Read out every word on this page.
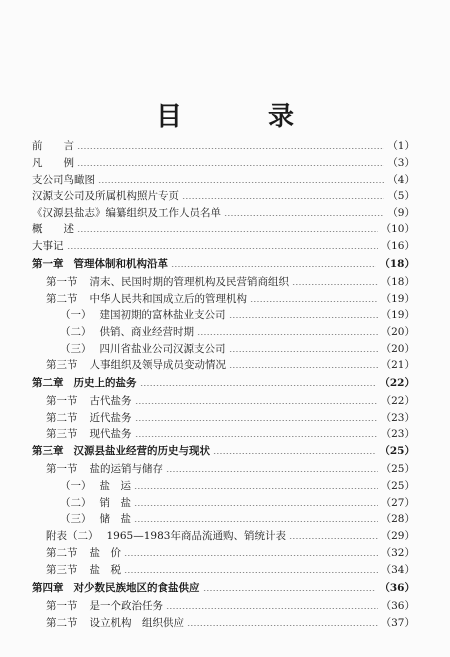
目　录
前　　言	（1）
凡　　例	（3）
支公司鸟瞰图	（4）
汉源支公司及所属机构照片专页	（5）
《汉源县盐志》编纂组织及工作人员名单	（9）
概　　述	（10）
大事记	（16）
第一章 管理体制和机构沿革	（18）
第一节 清末、民国时期的管理机构及民营销商组织	（18）
第二节 中华人民共和国成立后的管理机构	（19）
（一） 建国初期的富林盐业支公司	（19）
（二） 供销、商业经营时期	（20）
（三） 四川省盐业公司汉源支公司	（20）
第三节 人事组织及领导成员变动情况	（21）
第二章 历史上的盐务	（22）
第一节 古代盐务	（22）
第二节 近代盐务	（23）
第三节 现代盐务	（23）
第三章 汉源县盐业经营的历史与现状	（25）
第一节 盐的运销与储存	（25）
（一） 盐　运	（25）
（二） 销　盐	（27）
（三） 储　盐	（28）
附表（二） 1965—1983年商品流通购、销统计表	（29）
第二节 盐　价	（32）
第三节 盐　税	（34）
第四章 对少数民族地区的食盐供应	（36）
第一节 是一个政治任务	（36）
第二节 设立机构　组织供应	（37）
